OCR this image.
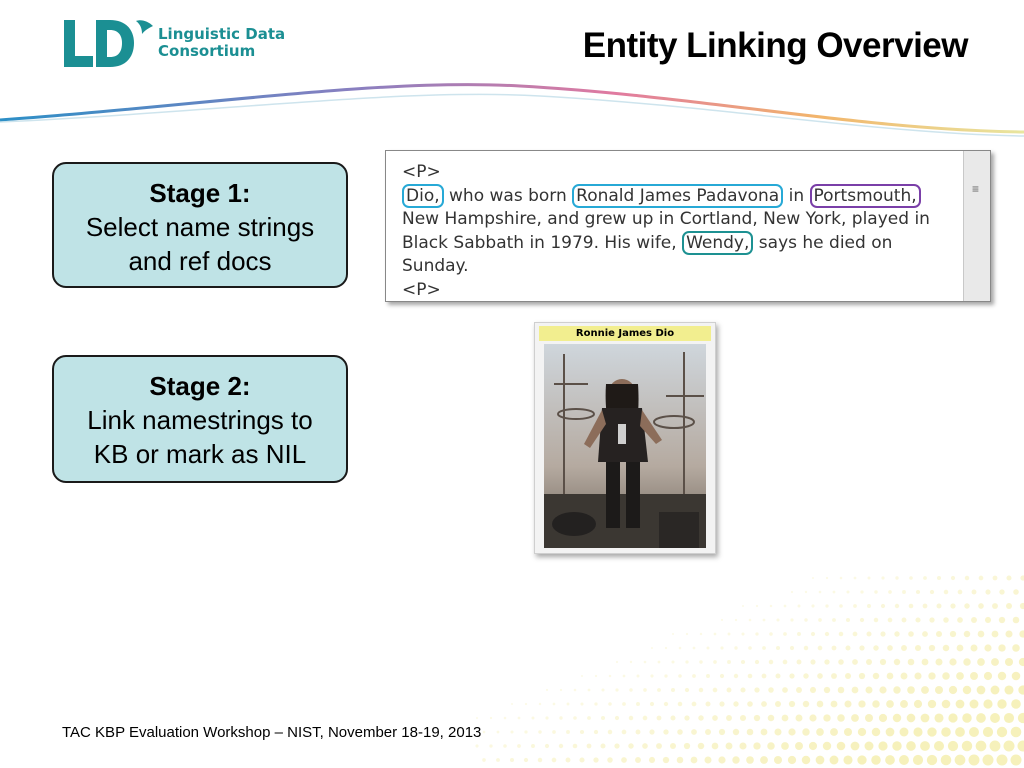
Linguistic Data
Consortium	Entity Linking Overview
Stage 1:
Select name strings
and ref docs
Stage 2:
Link namestrings to
KB or mark as NIL
<P>
Dio, who was born Ronald James Padavona in Portsmouth, New Hampshire, and grew up in Cortland, New York, played in Black Sabbath in 1979. His wife, Wendy, says he died on Sunday.
<P>
≡
Ronnie James Dio
TAC KBP Evaluation Workshop – NIST, November 18-19, 2013
